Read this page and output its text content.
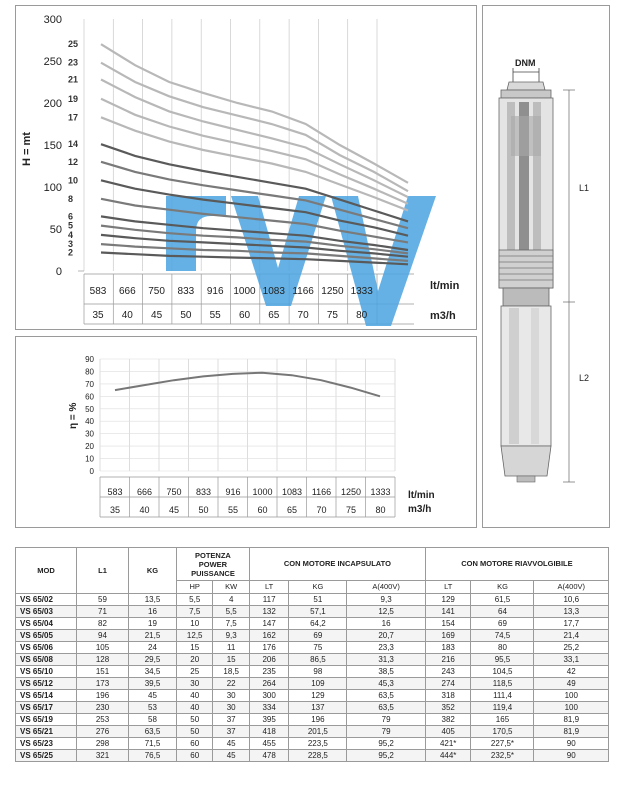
25
23
21
19
17
14
12
10
8
6
5
4
3
2
300
250
200
150
100
50
0
583 666 750 833 916 1000 1083 1166 1250 1333
35 40 45 50 55 60 65 70 75 80
H = mt
lt/min
m3/h
90
80
70
60
50
40
30
20
10
0
583 666 750 833 916 1000 1083 1166 1250 1333
35 40 45 50 55 60 65 70 75 80
η = %
lt/min
m3/h
DNM
L1
L2
MOD	L1	KG	POTENZA
POWER
PUISSANCE		CON MOTORE INCAPSULATO			CON MOTORE RIAVVOLGIBILE		
			HP	KW	LT	KG	A(400V)	LT	KG	A(400V)
VS 65/02	59	13,5	5,5	4	117	51	9,3	129	61,5	10,6
VS 65/03	71	16	7,5	5,5	132	57,1	12,5	141	64	13,3
VS 65/04	82	19	10	7,5	147	64,2	16	154	69	17,7
VS 65/05	94	21,5	12,5	9,3	162	69	20,7	169	74,5	21,4
VS 65/06	105	24	15	11	176	75	23,3	183	80	25,2
VS 65/08	128	29,5	20	15	206	86,5	31,3	216	95,5	33,1
VS 65/10	151	34,5	25	18,5	235	98	38,5	243	104,5	42
VS 65/12	173	39,5	30	22	264	109	45,3	274	118,5	49
VS 65/14	196	45	40	30	300	129	63,5	318	111,4	100
VS 65/17	230	53	40	30	334	137	63,5	352	119,4	100
VS 65/19	253	58	50	37	395	196	79	382	165	81,9
VS 65/21	276	63,5	50	37	418	201,5	79	405	170,5	81,9
VS 65/23	298	71,5	60	45	455	223,5	95,2	421*	227,5*	90
VS 65/25	321	76,5	60	45	478	228,5	95,2	444*	232,5*	90
